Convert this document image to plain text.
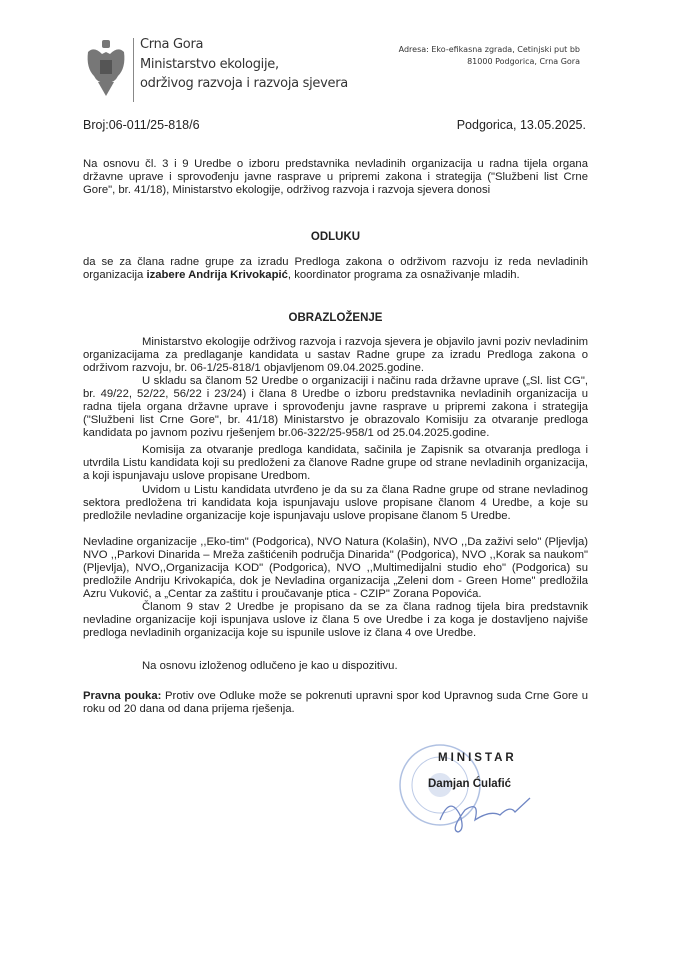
Crna Gora
Ministarstvo ekologije,
održivog razvoja i razvoja sjevera
Adresa: Eko-efikasna zgrada, Cetinjski put bb
81000 Podgorica, Crna Gora
Broj:06-011/25-818/6	Podgorica, 13.05.2025.
Na osnovu čl. 3 i 9 Uredbe o izboru predstavnika nevladinih organizacija u radna tijela organa državne uprave i sprovođenju javne rasprave u pripremi zakona i strategija ("Službeni list Crne Gore", br. 41/18), Ministarstvo ekologije, održivog razvoja i razvoja sjevera donosi
ODLUKU
da se za člana radne grupe za izradu Predloga zakona o održivom razvoju iz reda nevladinih organizacija izabere Andrija Krivokapić, koordinator programa za osnaživanje mladih.
OBRAZLOŽENJE
Ministarstvo ekologije održivog razvoja i razvoja sjevera je objavilo javni poziv nevladinim organizacijama za predlaganje kandidata u sastav Radne grupe za izradu Predloga zakona o održivom razvoju, br. 06-1/25-818/1 objavljenom 09.04.2025.godine.
U skladu sa članom 52 Uredbe o organizaciji i načinu rada državne uprave („Sl. list CG", br. 49/22, 52/22, 56/22 i 23/24) i člana 8 Uredbe o izboru predstavnika nevladinih organizacija u radna tijela organa državne uprave i sprovođenju javne rasprave u pripremi zakona i strategija ("Službeni list Crne Gore", br. 41/18) Ministarstvo je obrazovalo Komisiju za otvaranje predloga kandidata po javnom pozivu rješenjem br.06-322/25-958/1 od 25.04.2025.godine.
Komisija za otvaranje predloga kandidata, sačinila je Zapisnik sa otvaranja predloga i utvrdila Listu kandidata koji su predloženi za članove Radne grupe od strane nevladinih organizacija, a koji ispunjavaju uslove propisane Uredbom.
Uvidom u Listu kandidata utvrđeno je da su za člana Radne grupe od strane nevladinog sektora predložena tri kandidata koja ispunjavaju uslove propisane članom 4 Uredbe, a koje su predložile nevladine organizacije koje ispunjavaju uslove propisane članom 5 Uredbe.
Nevladine organizacije ,,Eko-tim" (Podgorica), NVO Natura (Kolašin), NVO ,,Da zaživi selo" (Pljevlja) NVO ,,Parkovi Dinarida – Mreža zaštićenih područja Dinarida" (Podgorica), NVO ,,Korak sa naukom" (Pljevlja), NVO,,Organizacija KOD" (Podgorica), NVO ,,Multimedijalni studio eho" (Podgorica) su predložile Andriju Krivokapića, dok je Nevladina organizacija „Zeleni dom - Green Home" predložila Azru Vuković, a „Centar za zaštitu i proučavanje ptica - CZIP" Zorana Popovića.
Članom 9 stav 2 Uredbe je propisano da se za člana radnog tijela bira predstavnik nevladine organizacije koji ispunjava uslove iz člana 5 ove Uredbe i za koga je dostavljeno najviše predloga nevladinih organizacija koje su ispunile uslove iz člana 4 ove Uredbe.
Na osnovu izloženog odlučeno je kao u dispozitivu.
Pravna pouka: Protiv ove Odluke može se pokrenuti upravni spor kod Upravnog suda Crne Gore u roku od 20 dana od dana prijema rješenja.
MINISTAR
Damjan Ćulafić
